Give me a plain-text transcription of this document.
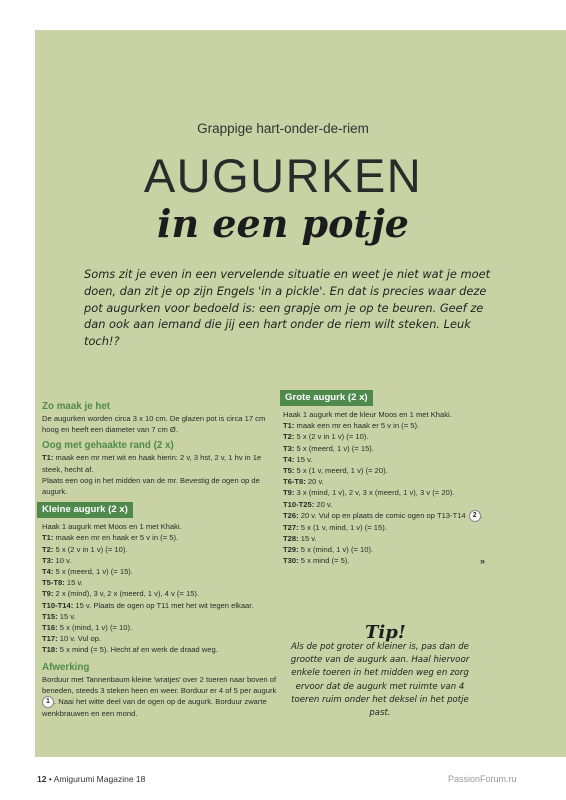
Grappige hart-onder-de-riem
AUGURKEN
in een potje
Soms zit je even in een vervelende situatie en weet je niet wat je moet doen, dan zit je op zijn Engels 'in a pickle'. En dat is precies waar deze pot augurken voor bedoeld is: een grapje om je op te beuren. Geef ze dan ook aan iemand die jij een hart onder de riem wilt steken. Leuk toch!?

Zo maak je het

De augurken worden circa 3 x 10 cm. De glazen pot is circa 17 cm hoog en heeft een diameter van 7 cm Ø.

Oog met gehaakte rand (2 x)

T1: maak een mr met wit en haak hierin: 2 v, 3 hst, 2 v, 1 hv in 1e steek, hecht af.

Plaats een oog in het midden van de mr. Bevestig de ogen op de augurk.

Kleine augurk (2 x)

Haak 1 augurk met Moos en 1 met Khaki.

T1: maak een mr en haak er 5 v in (= 5).

T2: 5 x (2 v in 1 v) (= 10).

T3: 10 v.

T4: 5 x (meerd, 1 v) (= 15).

T5-T8: 15 v.

T9: 2 x (mind), 3 v, 2 x (meerd, 1 v), 4 v (= 15).

T10-T14: 15 v. Plaats de ogen op T11 met het wit tegen elkaar.

T15: 15 v.

T16: 5 x (mind, 1 v) (= 10).

T17: 10 v. Vul op.

T18: 5 x mind (= 5). Hecht af en werk de draad weg.

Afwerking

Borduur met Tannenbaum kleine 'wratjes' over 2 toeren naar boven of beneden, steeds 3 steken heen en weer. Borduur er 4 of 5 per augurk 1 . Naai het witte deel van de ogen op de augurk. Borduur zwarte wenkbrauwen en een mond.

Grote augurk (2 x)

Haak 1 augurk met de kleur Moos en 1 met Khaki.

T1: maak een mr en haak er 5 v in (= 5).

T2: 5 x (2 v in 1 v) (= 10).

T3: 5 x (meerd, 1 v) (= 15).

T4: 15 v.

T5: 5 x (1 v, meerd, 1 v) (= 20).

T6-T8: 20 v.

T9: 3 x (mind, 1 v), 2 v, 3 x (meerd, 1 v), 3 v (= 20).

T10-T25: 20 v.

T26: 20 v. Vul op en plaats de comic ogen op T13-T14 2 .

T27: 5 x (1 v, mind, 1 v) (= 15).

T28: 15 v.

T29: 5 x (mind, 1 v) (= 10).

T30: 5 x mind (= 5).	»
Tip!
Als de pot groter of kleiner is, pas dan de grootte van de augurk aan. Haal hiervoor enkele toeren in het midden weg en zorg ervoor dat de augurk met ruimte van 4 toeren ruim onder het deksel in het potje past.
12 • Amigurumi Magazine 18	PassionForum.ru
